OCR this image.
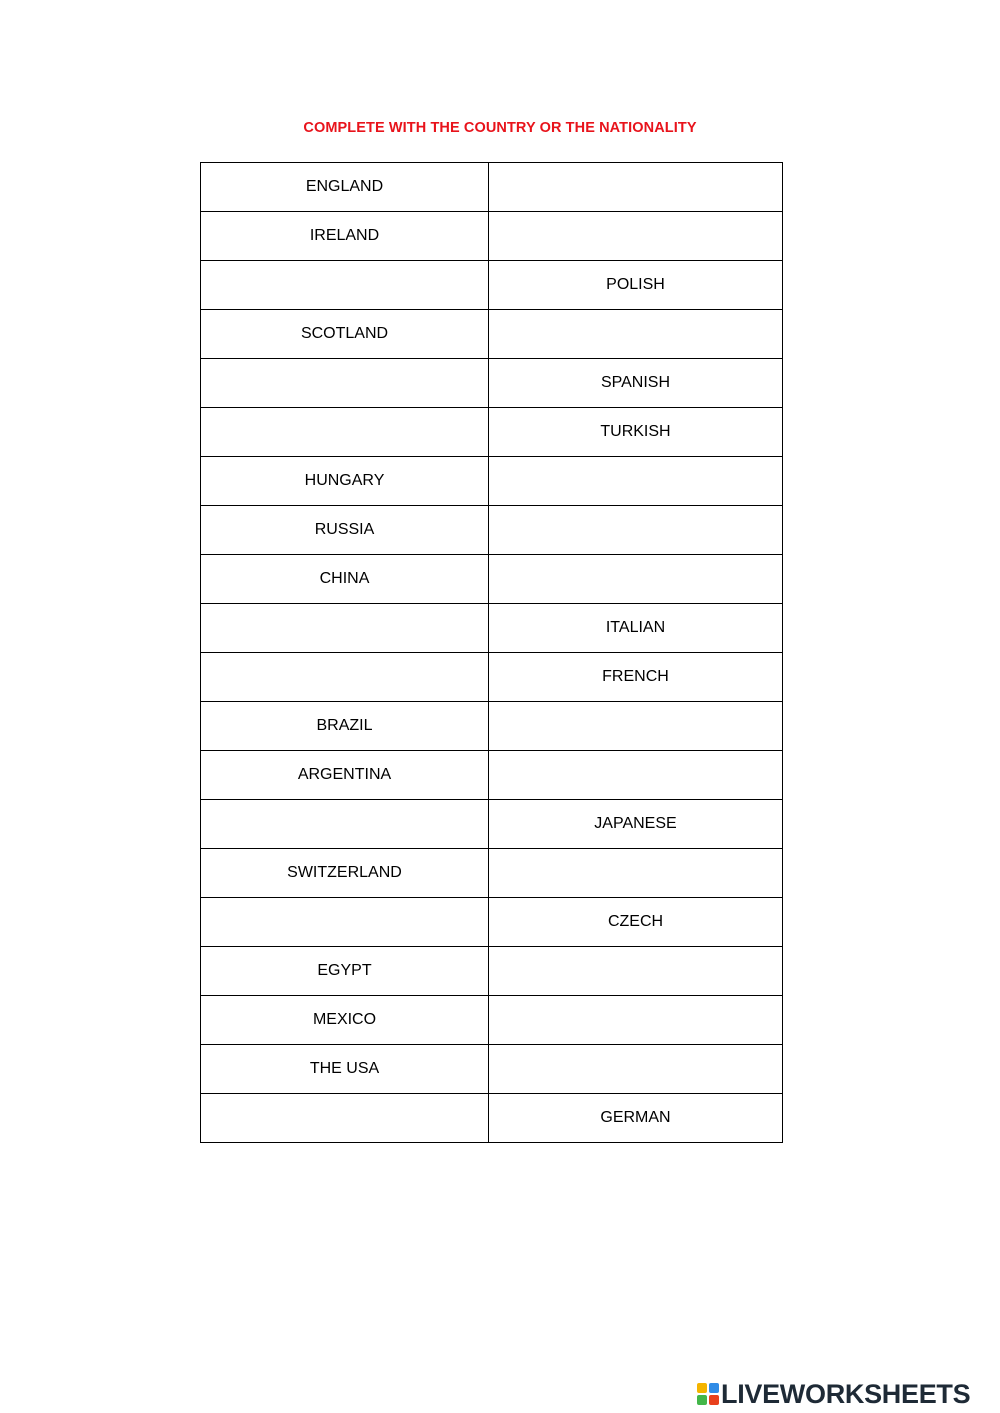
COMPLETE WITH THE COUNTRY OR THE NATIONALITY
ENGLAND	
IRELAND	
	POLISH
SCOTLAND	
	SPANISH
	TURKISH
HUNGARY	
RUSSIA	
CHINA	
	ITALIAN
	FRENCH
BRAZIL	
ARGENTINA	
	JAPANESE
SWITZERLAND	
	CZECH
EGYPT	
MEXICO	
THE USA	
	GERMAN
LIVEWORKSHEETS
